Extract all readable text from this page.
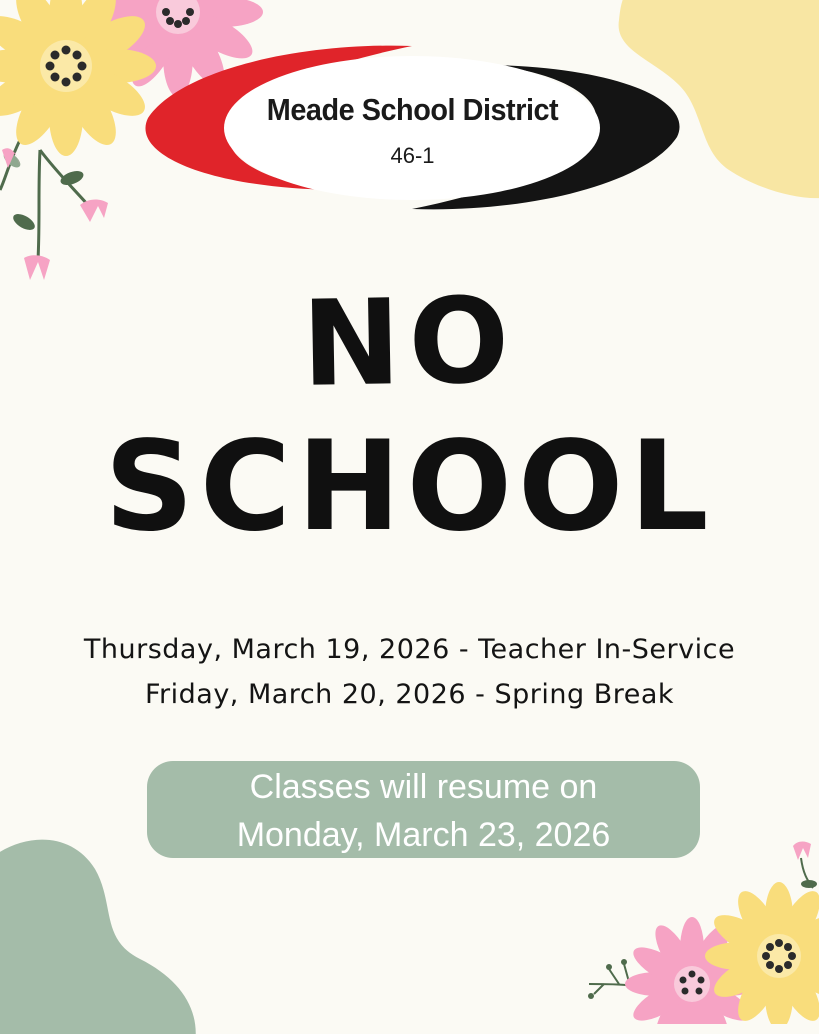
Meade School District
46-1
NO
SCHOOL
Thursday, March 19, 2026 - Teacher In-Service
Friday, March 20, 2026 - Spring Break
Classes will resume on
Monday, March 23, 2026
